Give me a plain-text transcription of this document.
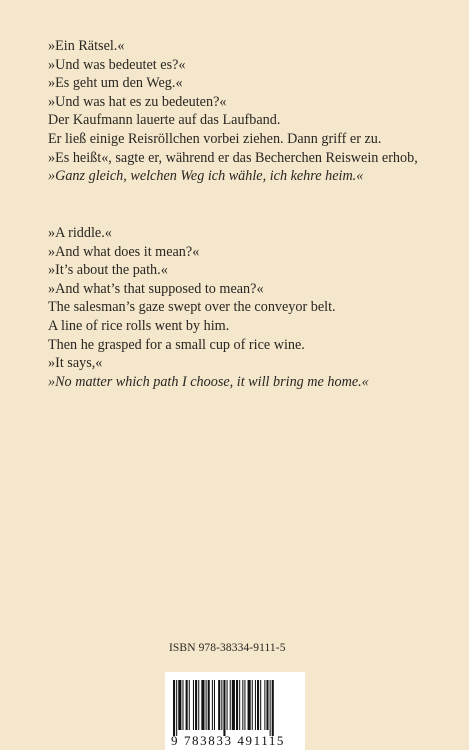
»Ein Rätsel.«
»Und was bedeutet es?«
»Es geht um den Weg.«
»Und was hat es zu bedeuten?«
Der Kaufmann lauerte auf das Laufband.
Er ließ einige Reisröllchen vorbei ziehen. Dann griff er zu.
»Es heißt«, sagte er, während er das Becherchen Reiswein erhob,
»Ganz gleich, welchen Weg ich wähle, ich kehre heim.«
»A riddle.«
»And what does it mean?«
»It’s about the path.«
»And what’s that supposed to mean?«
The salesman’s gaze swept over the conveyor belt.
A line of rice rolls went by him.
Then he grasped for a small cup of rice wine.
»It says,«
»No matter which path I choose, it will bring me home.«
ISBN 978-38334-9111-5
9 783833 491115
